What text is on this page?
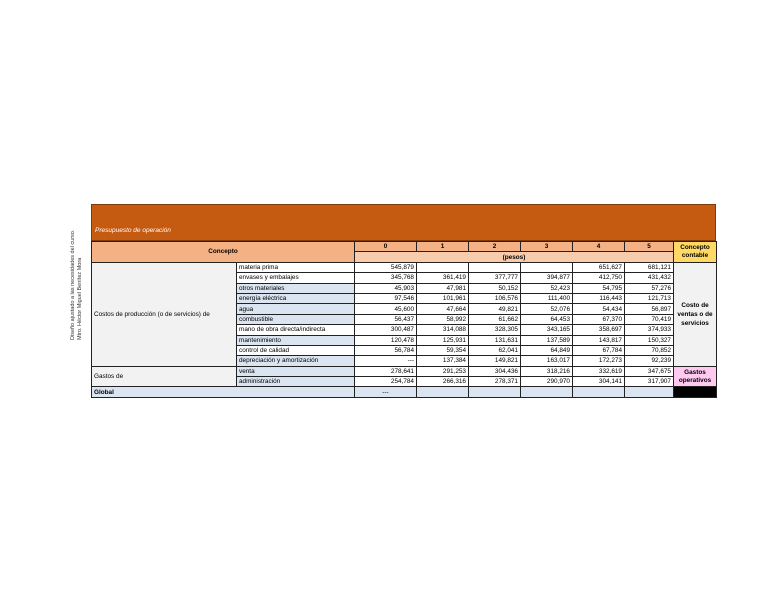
Diseño ajustado a las necesidades del curso. Mtro. Héctor Miguel Benítez Mora
Presupuesto de operación
Concepto		0	1	2	3	4	5	Concepto contable
		(pesos)						
Costos de producción (o de servicios) de	materia prima	545,879				651,627	681,121	Costo de ventas o de servicios
	envases y embalajes	345,768	361,419	377,777	394,877	412,750	431,432	
	otros materiales	45,903	47,981	50,152	52,423	54,795	57,276	
	energía eléctrica	97,546	101,961	106,576	111,400	116,443	121,713	
	agua	45,600	47,664	49,821	52,076	54,434	56,897	
	combustible	56,437	58,992	61,662	64,453	67,370	70,419	
	mano de obra directa/indirecta	300,487	314,088	328,305	343,165	358,697	374,933	
	mantenimiento	120,478	125,931	131,631	137,589	143,817	150,327	
	control de calidad	56,784	59,354	62,041	64,849	67,784	70,852	
	depreciación y amortización	---	137,384	149,821	163,017	172,273	92,239	
Gastos de	venta	278,641	291,253	304,436	318,216	332,619	347,675	Gastos operativos
	administración	254,784	266,316	278,371	290,970	304,141	317,907	
Global		---						
